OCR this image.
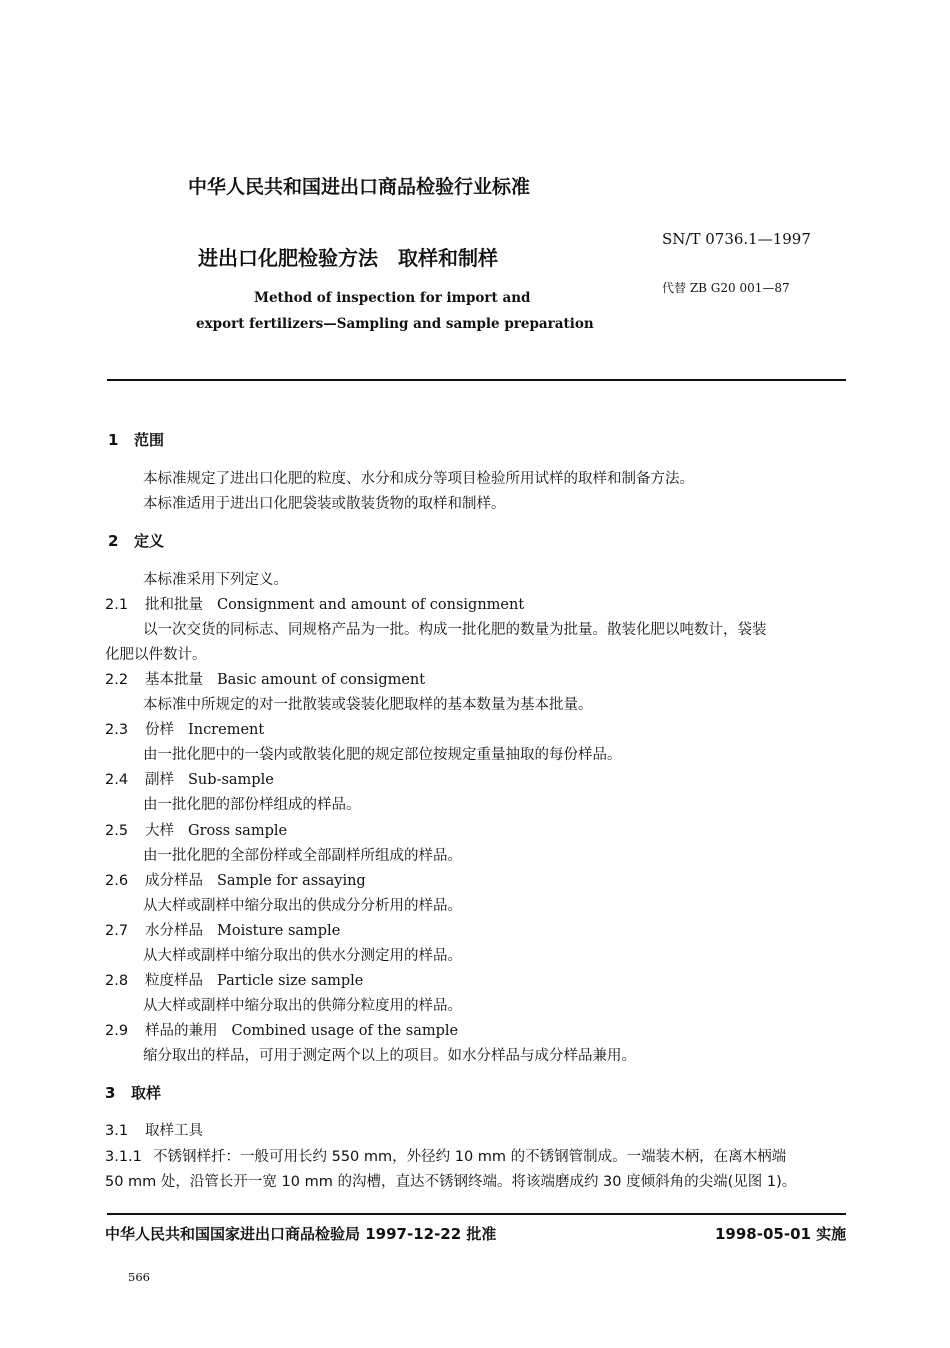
中华人民共和国进出口商品检验行业标准
进出口化肥检验方法　取样和制样
Method of inspection for import and
export fertilizers—Sampling and sample preparation
SN/T 0736.1—1997
代替 ZB G20 001—87
1 范围
本标准规定了进出口化肥的粒度、水分和成分等项目检验所用试样的取样和制备方法。
本标准适用于进出口化肥袋装或散装货物的取样和制样。
2 定义
本标准采用下列定义。
2.1 批和批量 Consignment and amount of consignment
以一次交货的同标志、同规格产品为一批。构成一批化肥的数量为批量。散装化肥以吨数计，袋装
化肥以件数计。
2.2 基本批量 Basic amount of consigment
本标准中所规定的对一批散装或袋装化肥取样的基本数量为基本批量。
2.3 份样 Increment
由一批化肥中的一袋内或散装化肥的规定部位按规定重量抽取的每份样品。
2.4 副样 Sub-sample
由一批化肥的部份样组成的样品。
2.5 大样 Gross sample
由一批化肥的全部份样或全部副样所组成的样品。
2.6 成分样品 Sample for assaying
从大样或副样中缩分取出的供成分分析用的样品。
2.7 水分样品 Moisture sample
从大样或副样中缩分取出的供水分测定用的样品。
2.8 粒度样品 Particle size sample
从大样或副样中缩分取出的供筛分粒度用的样品。
2.9 样品的兼用 Combined usage of the sample
缩分取出的样品，可用于测定两个以上的项目。如水分样品与成分样品兼用。
3 取样
3.1 取样工具
3.1.1 不锈钢样扦：一般可用长约 550 mm，外径约 10 mm 的不锈钢管制成。一端装木柄，在离木柄端
50 mm 处，沿管长开一宽 10 mm 的沟槽，直达不锈钢终端。将该端磨成约 30 度倾斜角的尖端(见图 1)。
中华人民共和国国家进出口商品检验局 1997-12-22 批准	1998-05-01 实施
566
